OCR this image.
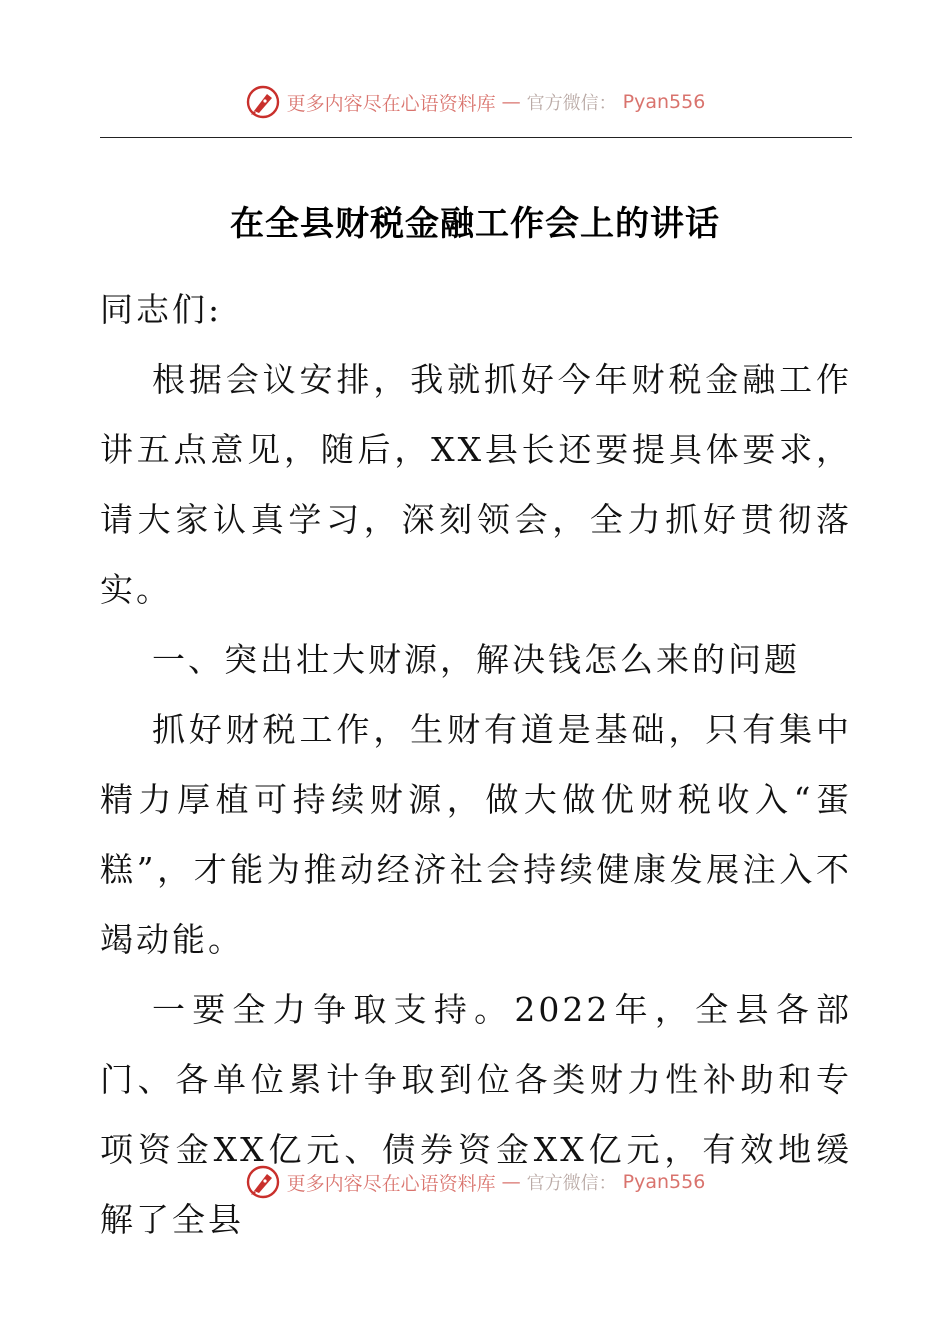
更多内容尽在心语资料库 — 官方微信： Pyan556
在全县财税金融工作会上的讲话

同志们:

根据会议安排，我就抓好今年财税金融工作讲五点意见，随后，XX县长还要提具体要求，请大家认真学习，深刻领会，全力抓好贯彻落实。

一、突出壮大财源，解决钱怎么来的问题

抓好财税工作，生财有道是基础，只有集中精力厚植可持续财源，做大做优财税收入“蛋糕”，才能为推动经济社会持续健康发展注入不竭动能。

一要全力争取支持。2022年，全县各部门、各单位累计争取到位各类财力性补助和专项资金XX亿元、债券资金XX亿元，有效地缓解了全县

更多内容尽在心语资料库 — 官方微信： Pyan556
